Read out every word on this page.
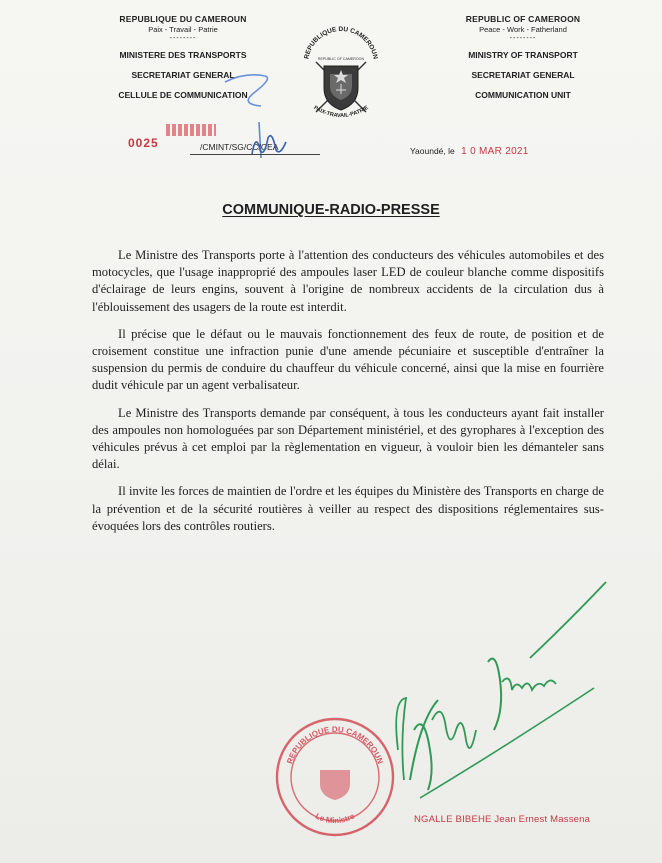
REPUBLIQUE DU CAMEROUN
Paix - Travail - Patrie
--------
MINISTERE DES TRANSPORTS
SECRETARIAT GENERAL
CELLULE DE COMMUNICATION
REPUBLIC OF CAMEROON
Peace - Work - Fatherland
--------
MINISTRY OF TRANSPORT
SECRETARIAT GENERAL
COMMUNICATION UNIT
REPUBLIQUE DU CAMEROUN
REPUBLIC OF CAMEROON
PAIX-TRAVAIL-PATRIE
0025	/CMINT/SG/CC/CEA	Yaoundé, le 1 0 MAR 2021
COMMUNIQUE-RADIO-PRESSE

Le Ministre des Transports porte à l'attention des conducteurs des véhicules automobiles et des motocycles, que l'usage inapproprié des ampoules laser LED de couleur blanche comme dispositifs d'éclairage de leurs engins, souvent à l'origine de nombreux accidents de la circulation dus à l'éblouissement des usagers de la route est interdit.

Il précise que le défaut ou le mauvais fonctionnement des feux de route, de position et de croisement constitue une infraction punie d'une amende pécuniaire et susceptible d'entraîner la suspension du permis de conduire du chauffeur du véhicule concerné, ainsi que la mise en fourrière dudit véhicule par un agent verbalisateur.

Le Ministre des Transports demande par conséquent, à tous les conducteurs ayant fait installer des ampoules non homologuées par son Département ministériel, et des gyrophares à l'exception des véhicules prévus à cet emploi par la règlementation en vigueur, à vouloir bien les démanteler sans délai.

Il invite les forces de maintien de l'ordre et les équipes du Ministère des Transports en charge de la prévention et de la sécurité routières à veiller au respect des dispositions réglementaires sus-évoquées lors des contrôles routiers.

REPUBLIQUE DU CAMEROUN
Le Ministre	NGALLE BIBEHE Jean Ernest Massena
